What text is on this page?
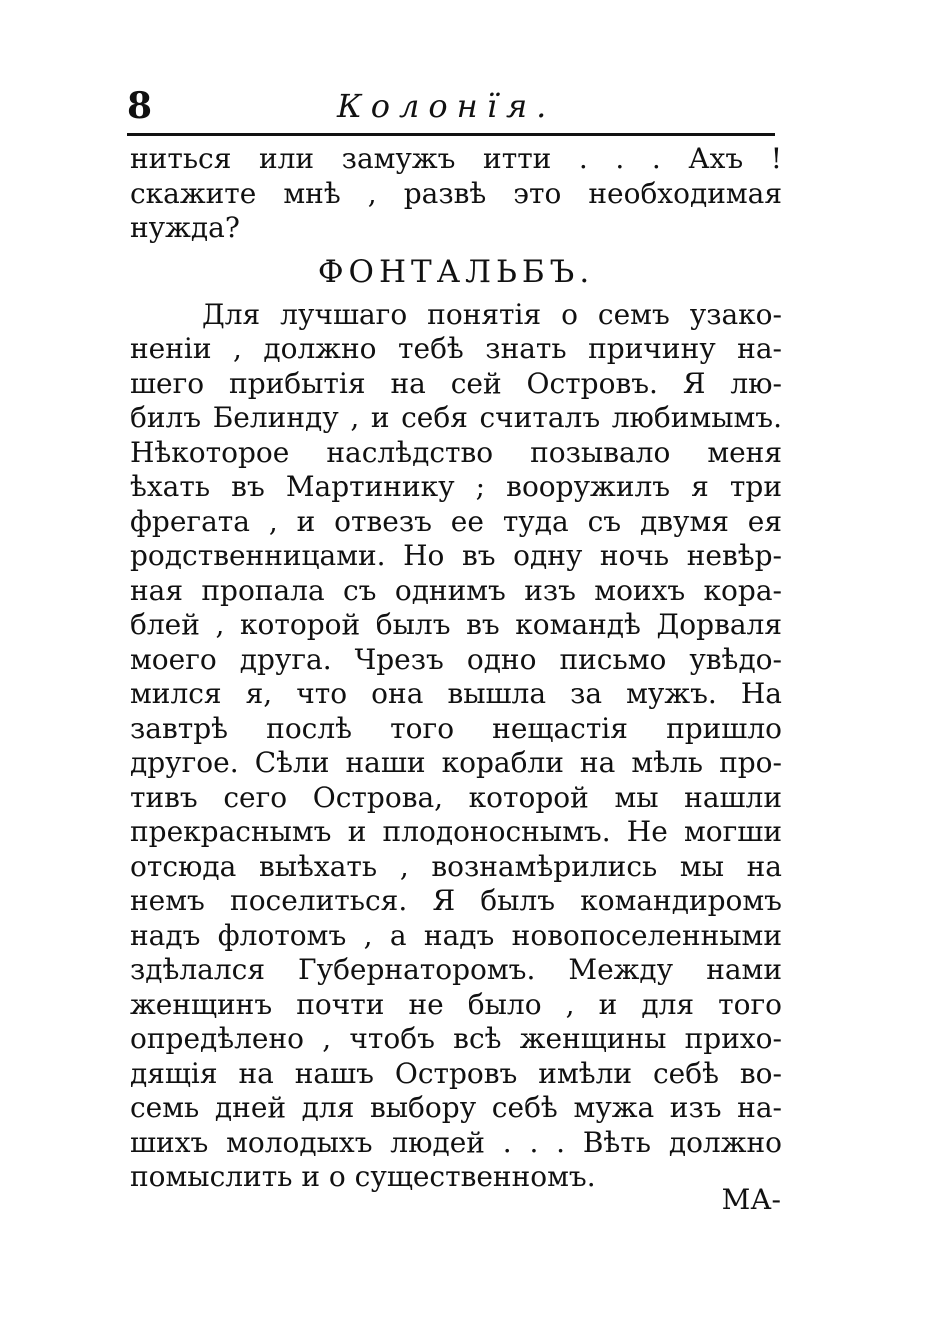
8	Колонїя.
ниться или замужъ итти . . . Ахъ !
скажите мнѣ , развѣ это необходимая
нужда?
ФОНТАЛЬБЪ.
Для лучшаго понятія о семъ узако-
неніи , должно тебѣ знать причину на-
шего прибытія на сей Островъ. Я лю-
билъ Белинду , и себя считалъ любимымъ.
Нѣкоторое наслѣдство позывало меня
ѣхать въ Мартинику ; вооружилъ я три
фрегата , и отвезъ ее туда съ двумя ея
родственницами. Но въ одну ночь невѣр-
ная пропала съ однимъ изъ моихъ кора-
блей , которой былъ въ командѣ Дорваля
моего друга. Чрезъ одно письмо увѣдо-
мился я, что она вышла за мужъ. На
завтрѣ послѣ того нещастія пришло
другое. Сѣли наши корабли на мѣль про-
тивъ сего Острова, которой мы нашли
прекраснымъ и плодоноснымъ. Не могши
отсюда выѣхать , вознамѣрились мы на
немъ поселиться. Я былъ командиромъ
надъ флотомъ , а надъ новопоселенными
здѣлался Губернаторомъ. Между нами
женщинъ почти не было , и для того
опредѣлено , чтобъ всѣ женщины прихо-
дящія на нашъ Островъ имѣли себѣ во-
семь дней для выбору себѣ мужа изъ на-
шихъ молодыхъ людей . . . Вѣть должно
помыслить и о существенномъ.
МА-
